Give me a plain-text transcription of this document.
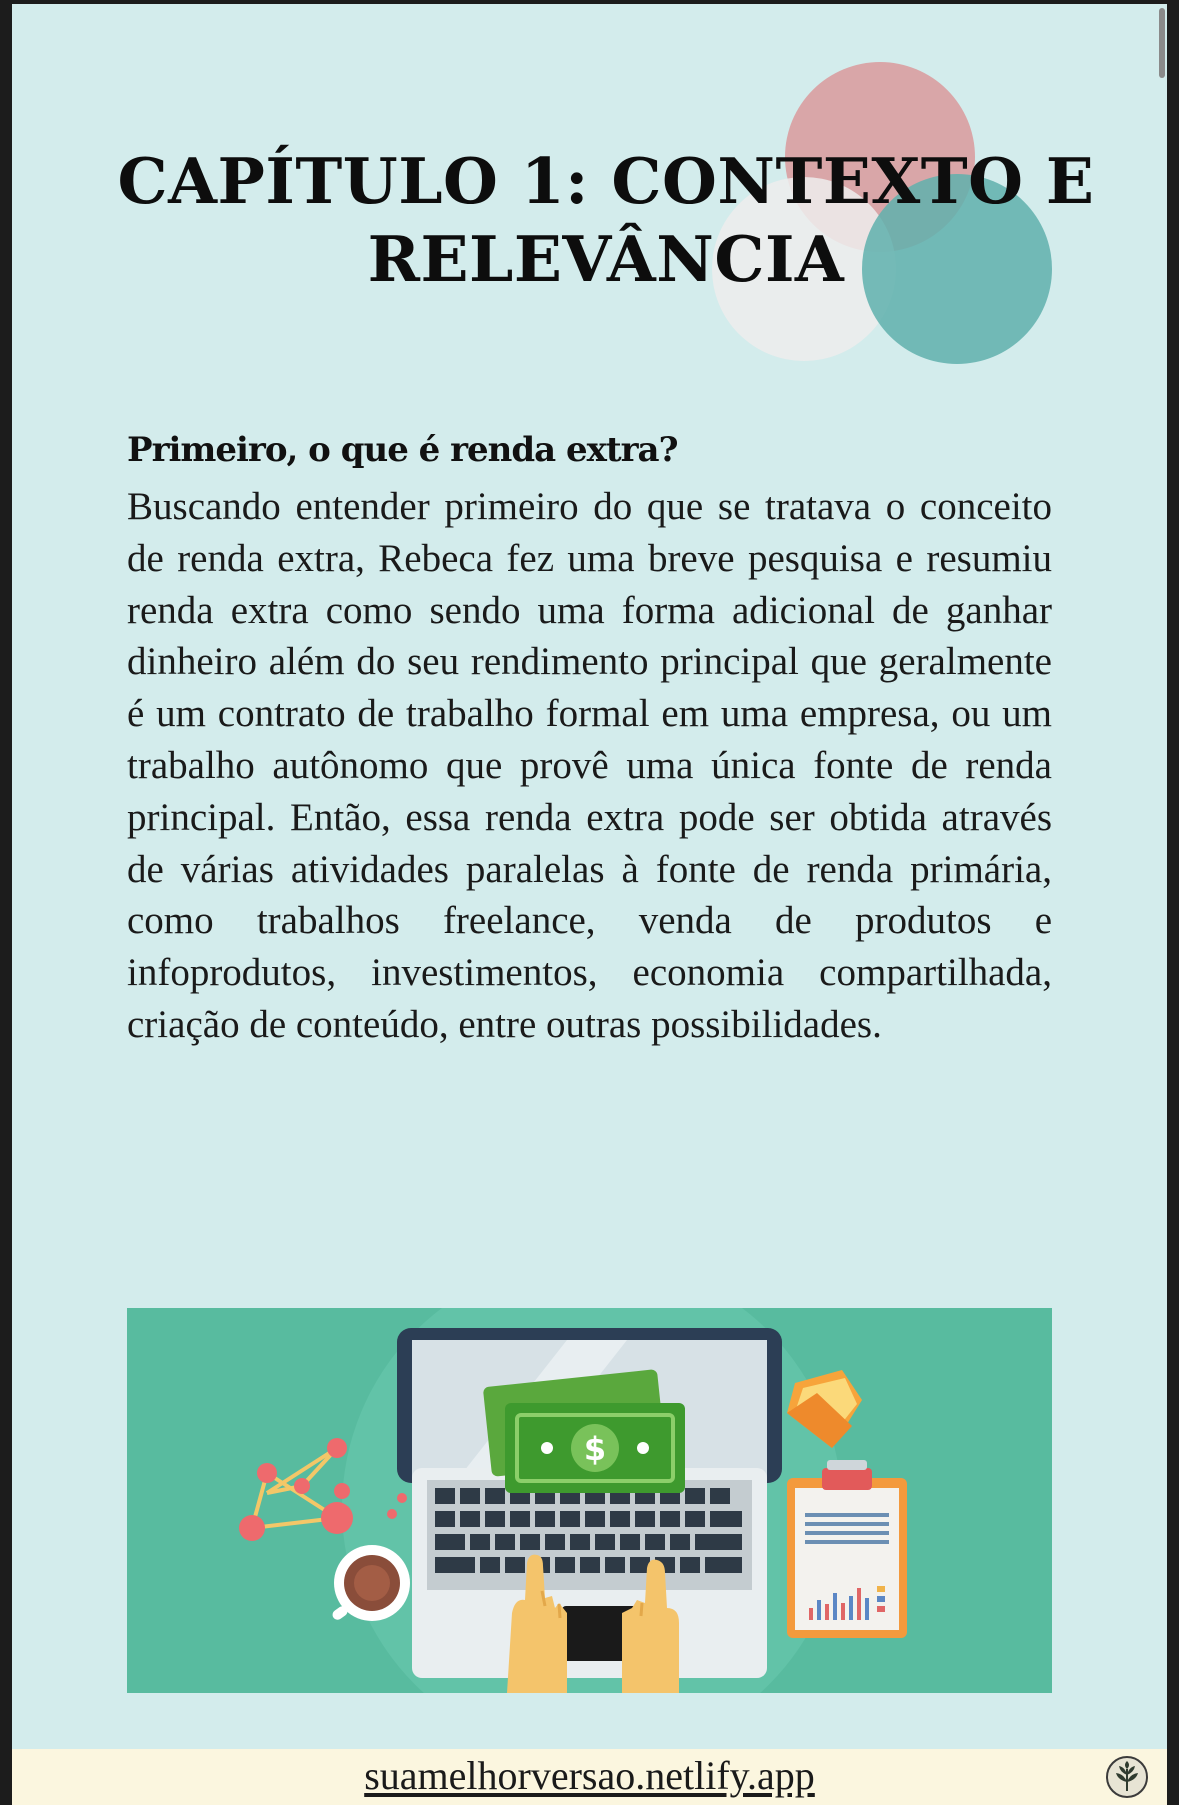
CAPÍTULO 1: CONTEXTO E RELEVÂNCIA
Primeiro, o que é renda extra?

Buscando entender primeiro do que se tratava o conceito de renda extra, Rebeca fez uma breve pesquisa e resumiu renda extra como sendo uma forma adicional de ganhar dinheiro além do seu rendimento principal que geralmente é um contrato de trabalho formal em uma empresa, ou um trabalho autônomo que provê uma única fonte de renda principal. Então, essa renda extra pode ser obtida através de várias atividades paralelas à fonte de renda primária, como trabalhos freelance, venda de produtos e infoprodutos, investimentos, economia compartilhada, criação de conteúdo, entre outras possibilidades.

$
suamelhorversao.netlify.app
